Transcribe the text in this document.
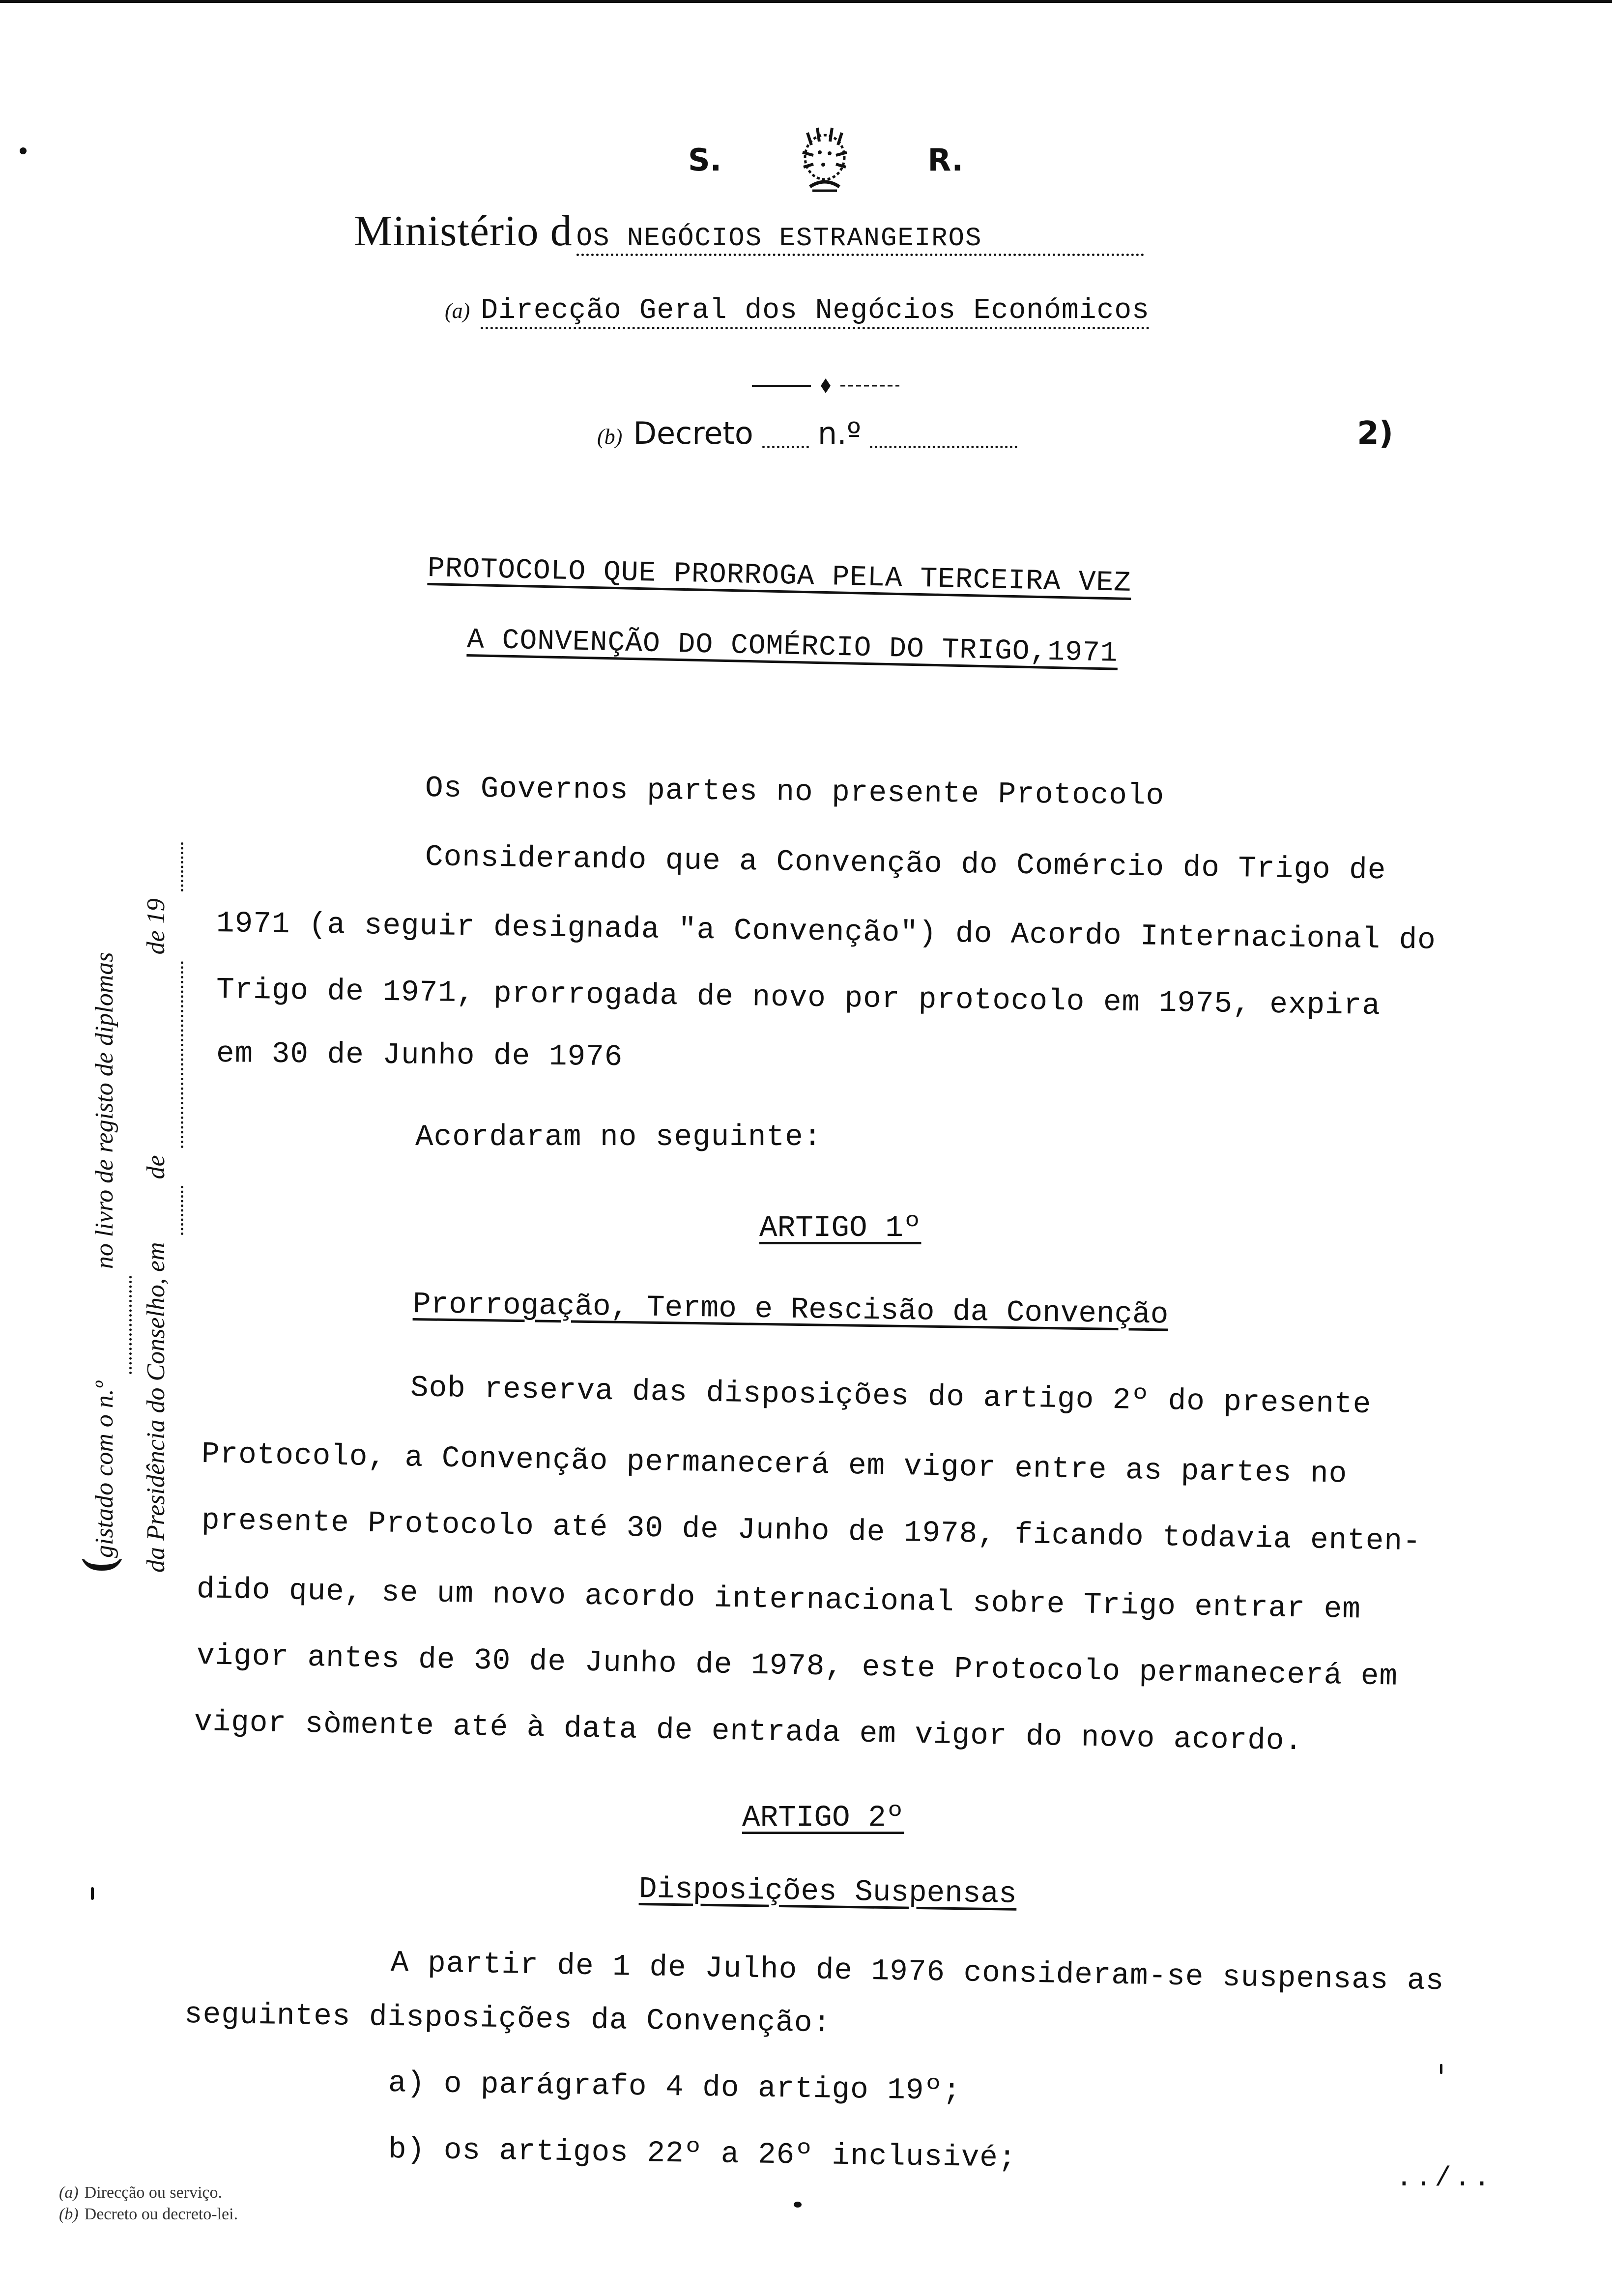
S.	R.
Ministério d OS NEGÓCIOS ESTRANGEIROS
(a) Direcção Geral dos Negócios Económicos
(b) Decreto
n.º
	2)
PROTOCOLO QUE PRORROGA PELA TERCEIRA VEZ
A CONVENÇÃO DO COMÉRCIO DO TRIGO,1971
Os Governos partes no presente Protocolo
Considerando que a Convenção do Comércio do Trigo de
1971 (a seguir designada "a Convenção") do Acordo Internacional do
Trigo de 1971, prorrogada de novo por protocolo em 1975, expira
em 30 de Junho de 1976
Acordaram no seguinte:
ARTIGO 1º
Prorrogação, Termo e Rescisão da Convenção
Sob reserva das disposições do artigo 2º do presente
Protocolo, a Convenção permanecerá em vigor entre as partes no
presente Protocolo até 30 de Junho de 1978, ficando todavia enten-
dido que, se um novo acordo internacional sobre Trigo entrar em
vigor antes de 30 de Junho de 1978, este Protocolo permanecerá em
vigor sòmente até à data de entrada em vigor do novo acordo.
ARTIGO 2º
Disposições Suspensas
A partir de 1 de Julho de 1976 consideram-se suspensas as
seguintes disposições da Convenção:
a) o parágrafo 4 do artigo 19º;
b) os artigos 22º a 26º inclusivé;
(
gistado com o n.º

no livro de registo de diplomas
da Presidência do Conselho, em

de

de 19

../..
(a) Direcção ou serviço.
(b) Decreto ou decreto-lei.
